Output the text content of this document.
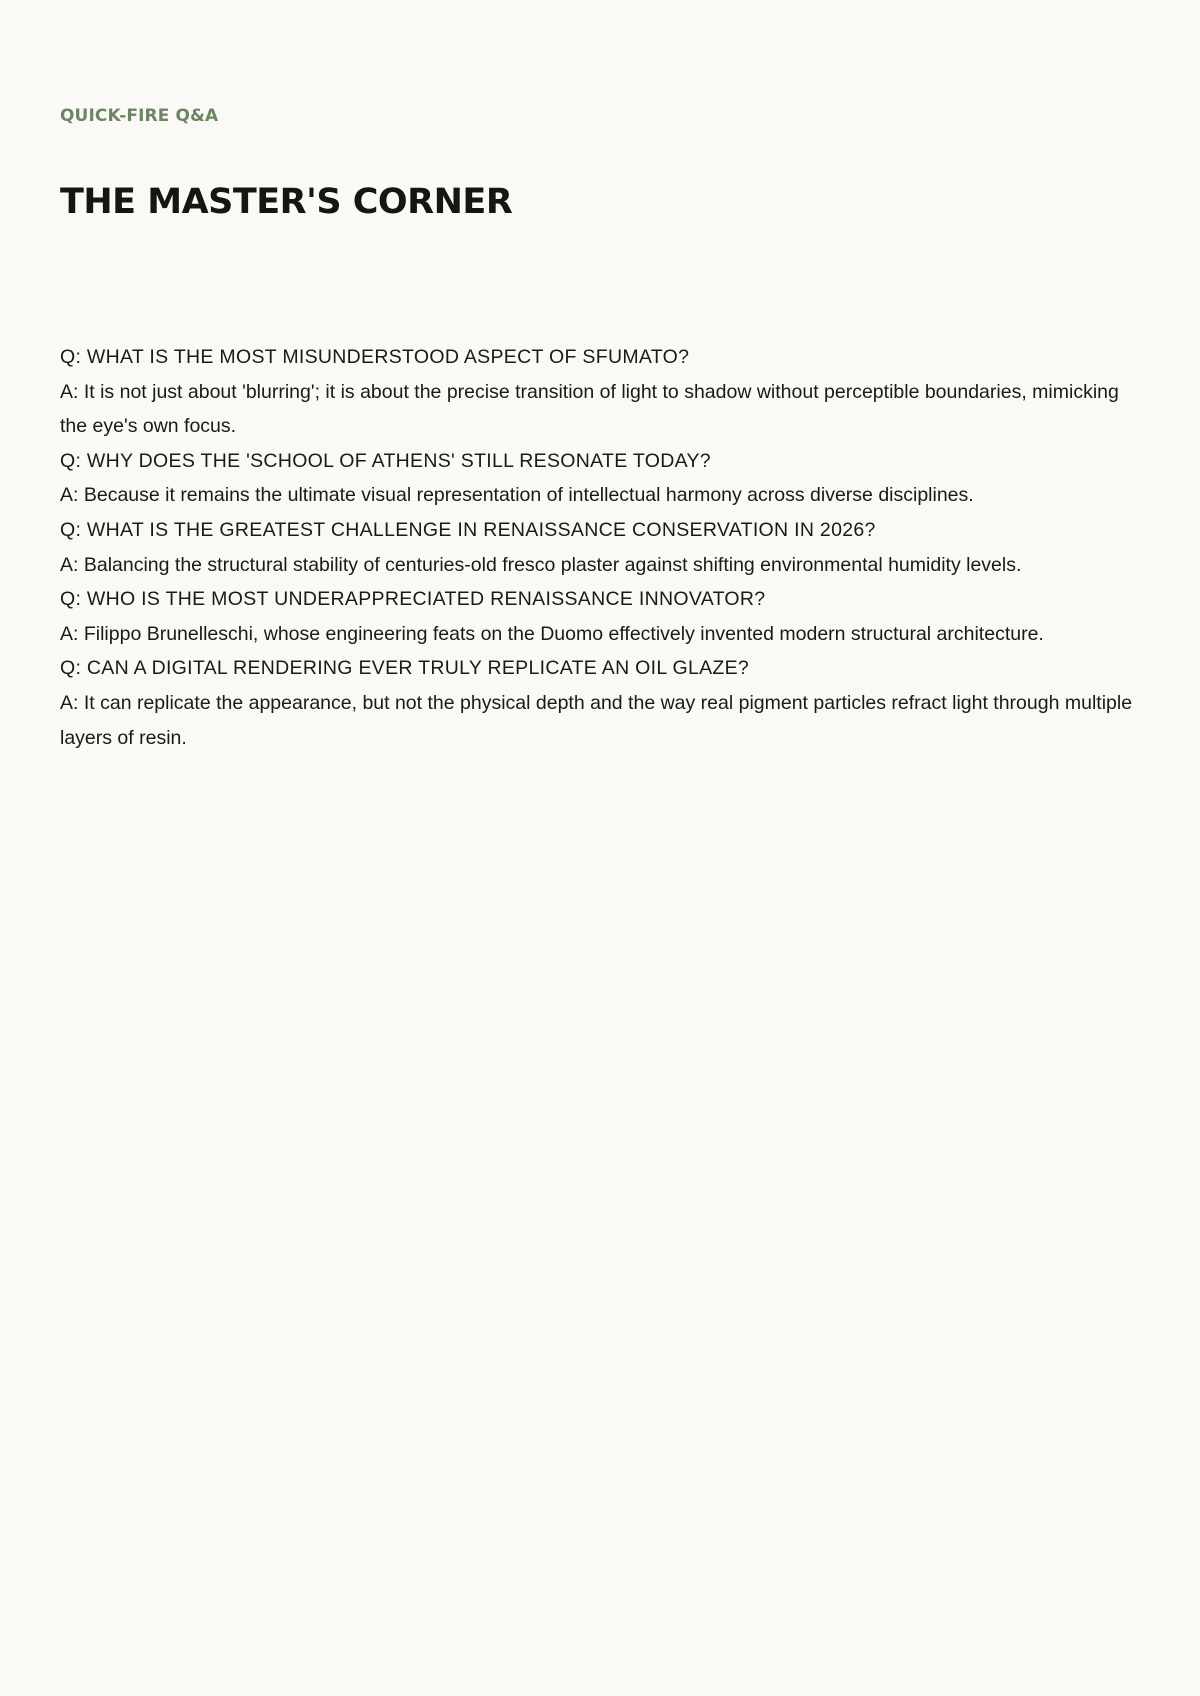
QUICK-FIRE Q&A

THE MASTER'S CORNER

Q: WHAT IS THE MOST MISUNDERSTOOD ASPECT OF SFUMATO?

A: It is not just about 'blurring'; it is about the precise transition of light to shadow without perceptible boundaries, mimicking the eye's own focus.

Q: WHY DOES THE 'SCHOOL OF ATHENS' STILL RESONATE TODAY?

A: Because it remains the ultimate visual representation of intellectual harmony across diverse disciplines.

Q: WHAT IS THE GREATEST CHALLENGE IN RENAISSANCE CONSERVATION IN 2026?

A: Balancing the structural stability of centuries-old fresco plaster against shifting environmental humidity levels.

Q: WHO IS THE MOST UNDERAPPRECIATED RENAISSANCE INNOVATOR?

A: Filippo Brunelleschi, whose engineering feats on the Duomo effectively invented modern structural architecture.

Q: CAN A DIGITAL RENDERING EVER TRULY REPLICATE AN OIL GLAZE?

A: It can replicate the appearance, but not the physical depth and the way real pigment particles refract light through multiple layers of resin.
